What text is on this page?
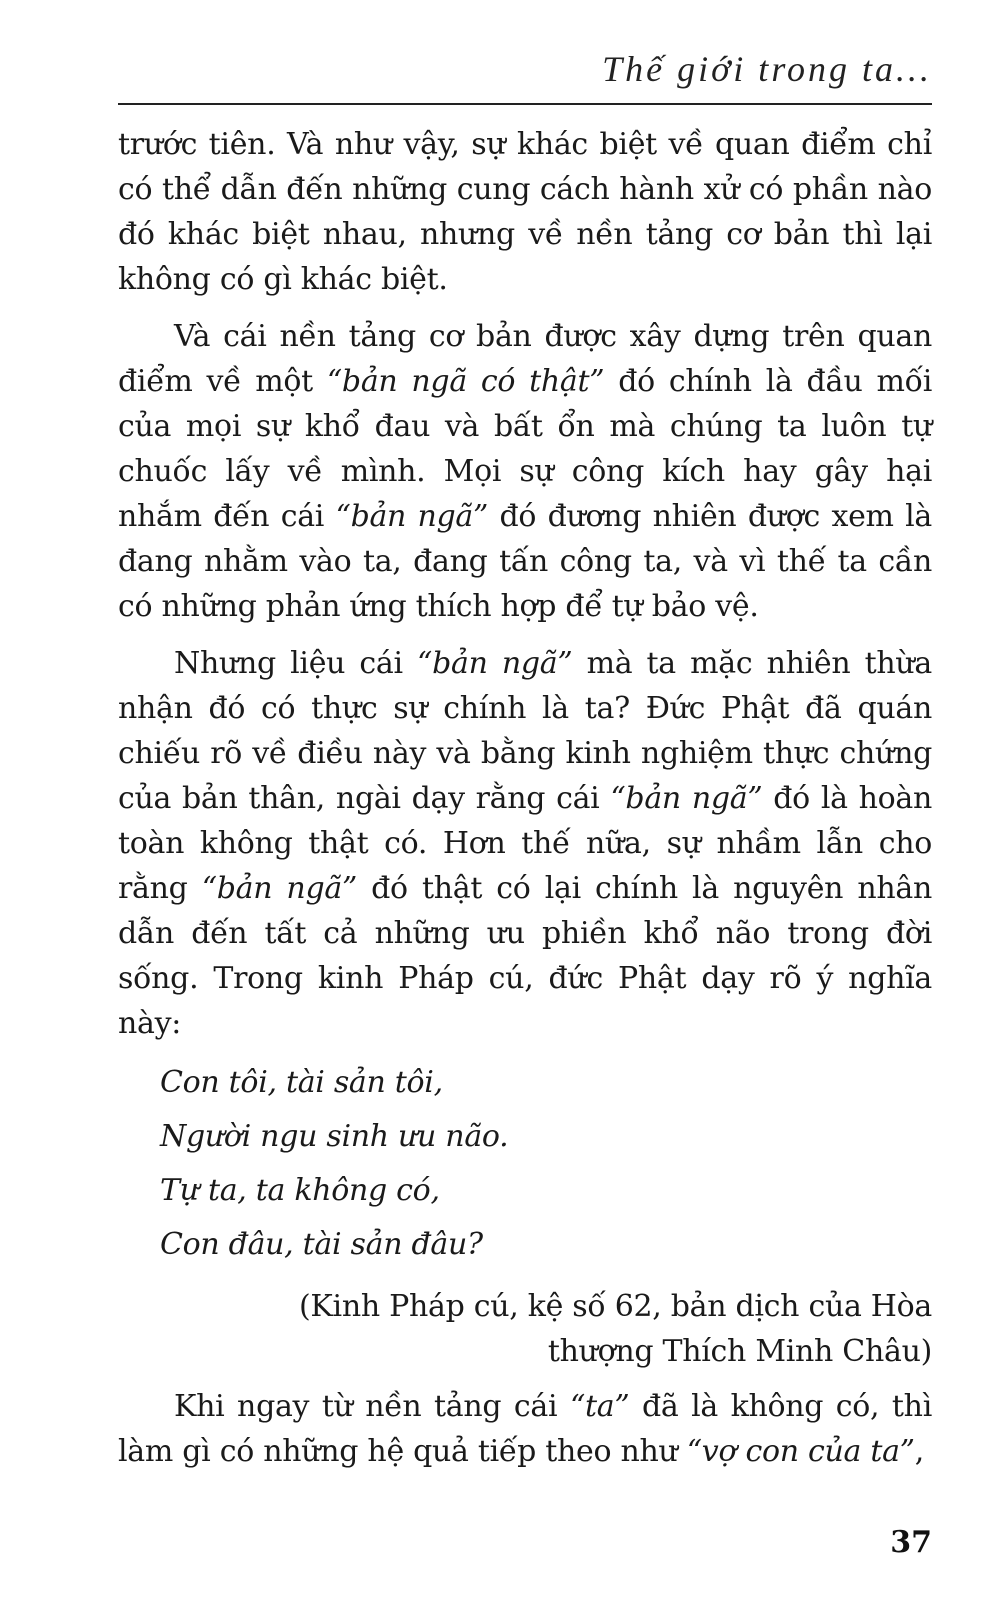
Thế giới trong ta...

trước tiên. Và như vậy, sự khác biệt về quan điểm chỉ có thể dẫn đến những cung cách hành xử có phần nào đó khác biệt nhau, nhưng về nền tảng cơ bản thì lại không có gì khác biệt.

Và cái nền tảng cơ bản được xây dựng trên quan điểm về một “bản ngã có thật” đó chính là đầu mối của mọi sự khổ đau và bất ổn mà chúng ta luôn tự chuốc lấy về mình. Mọi sự công kích hay gây hại nhắm đến cái “bản ngã” đó đương nhiên được xem là đang nhằm vào ta, đang tấn công ta, và vì thế ta cần có những phản ứng thích hợp để tự bảo vệ.

Nhưng liệu cái “bản ngã” mà ta mặc nhiên thừa nhận đó có thực sự chính là ta? Đức Phật đã quán chiếu rõ về điều này và bằng kinh nghiệm thực chứng của bản thân, ngài dạy rằng cái “bản ngã” đó là hoàn toàn không thật có. Hơn thế nữa, sự nhầm lẫn cho rằng “bản ngã” đó thật có lại chính là nguyên nhân dẫn đến tất cả những ưu phiền khổ não trong đời sống. Trong kinh Pháp cú, đức Phật dạy rõ ý nghĩa này:

Con tôi, tài sản tôi,
Người ngu sinh ưu não.
Tự ta, ta không có,
Con đâu, tài sản đâu?
(Kinh Pháp cú, kệ số 62, bản dịch của Hòa
thượng Thích Minh Châu)

Khi ngay từ nền tảng cái “ta” đã là không có, thì làm gì có những hệ quả tiếp theo như “vợ con của ta”,

37
